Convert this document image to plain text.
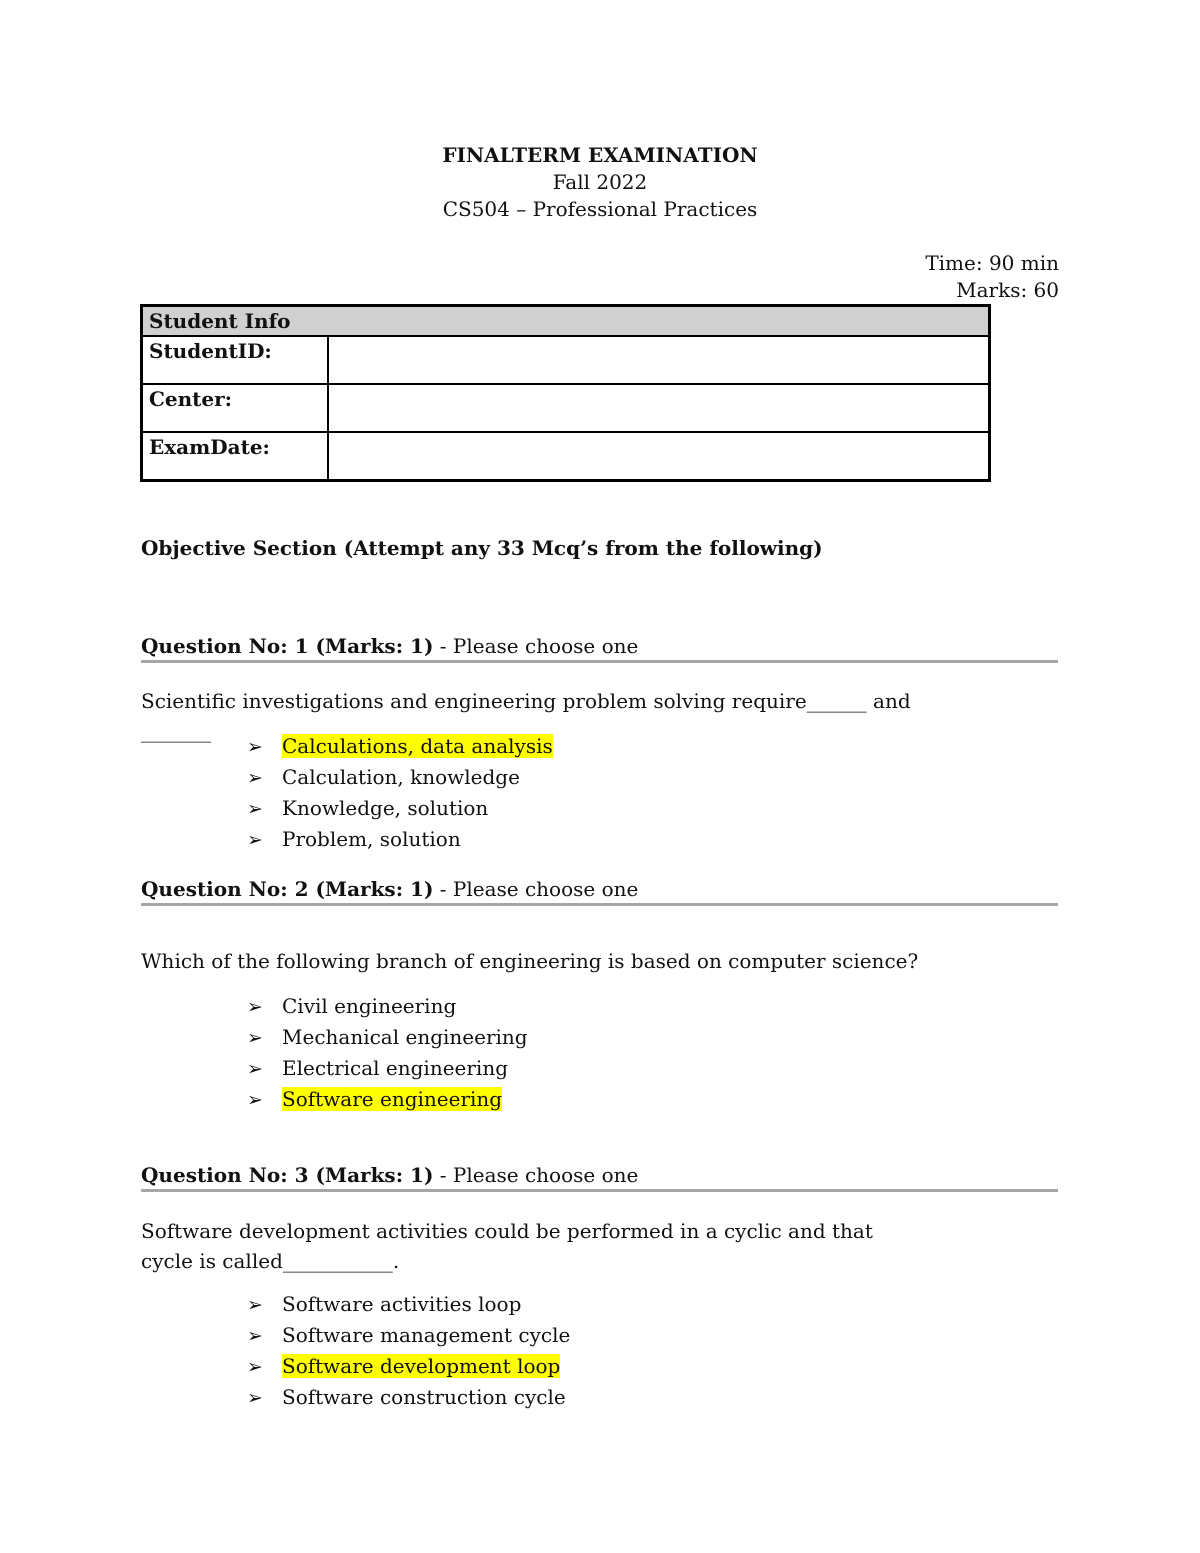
FINALTERM EXAMINATION
Fall 2022
CS504 – Professional Practices
Time: 90 min
Marks: 60
Student Info	
StudentID:	
Center:	
ExamDate:	
Objective Section (Attempt any 33 Mcq’s from the following)
Question No: 1 (Marks: 1) - Please choose one
Scientific investigations and engineering problem solving require______ and _______
➢ Calculations, data analysis
➢ Calculation, knowledge
➢ Knowledge, solution
➢ Problem, solution
Question No: 2 (Marks: 1) - Please choose one
Which of the following branch of engineering is based on computer science?
➢ Civil engineering
➢ Mechanical engineering
➢ Electrical engineering
➢ Software engineering
Question No: 3 (Marks: 1) - Please choose one
Software development activities could be performed in a cyclic and that cycle is called___________.
➢ Software activities loop
➢ Software management cycle
➢ Software development loop
➢ Software construction cycle
